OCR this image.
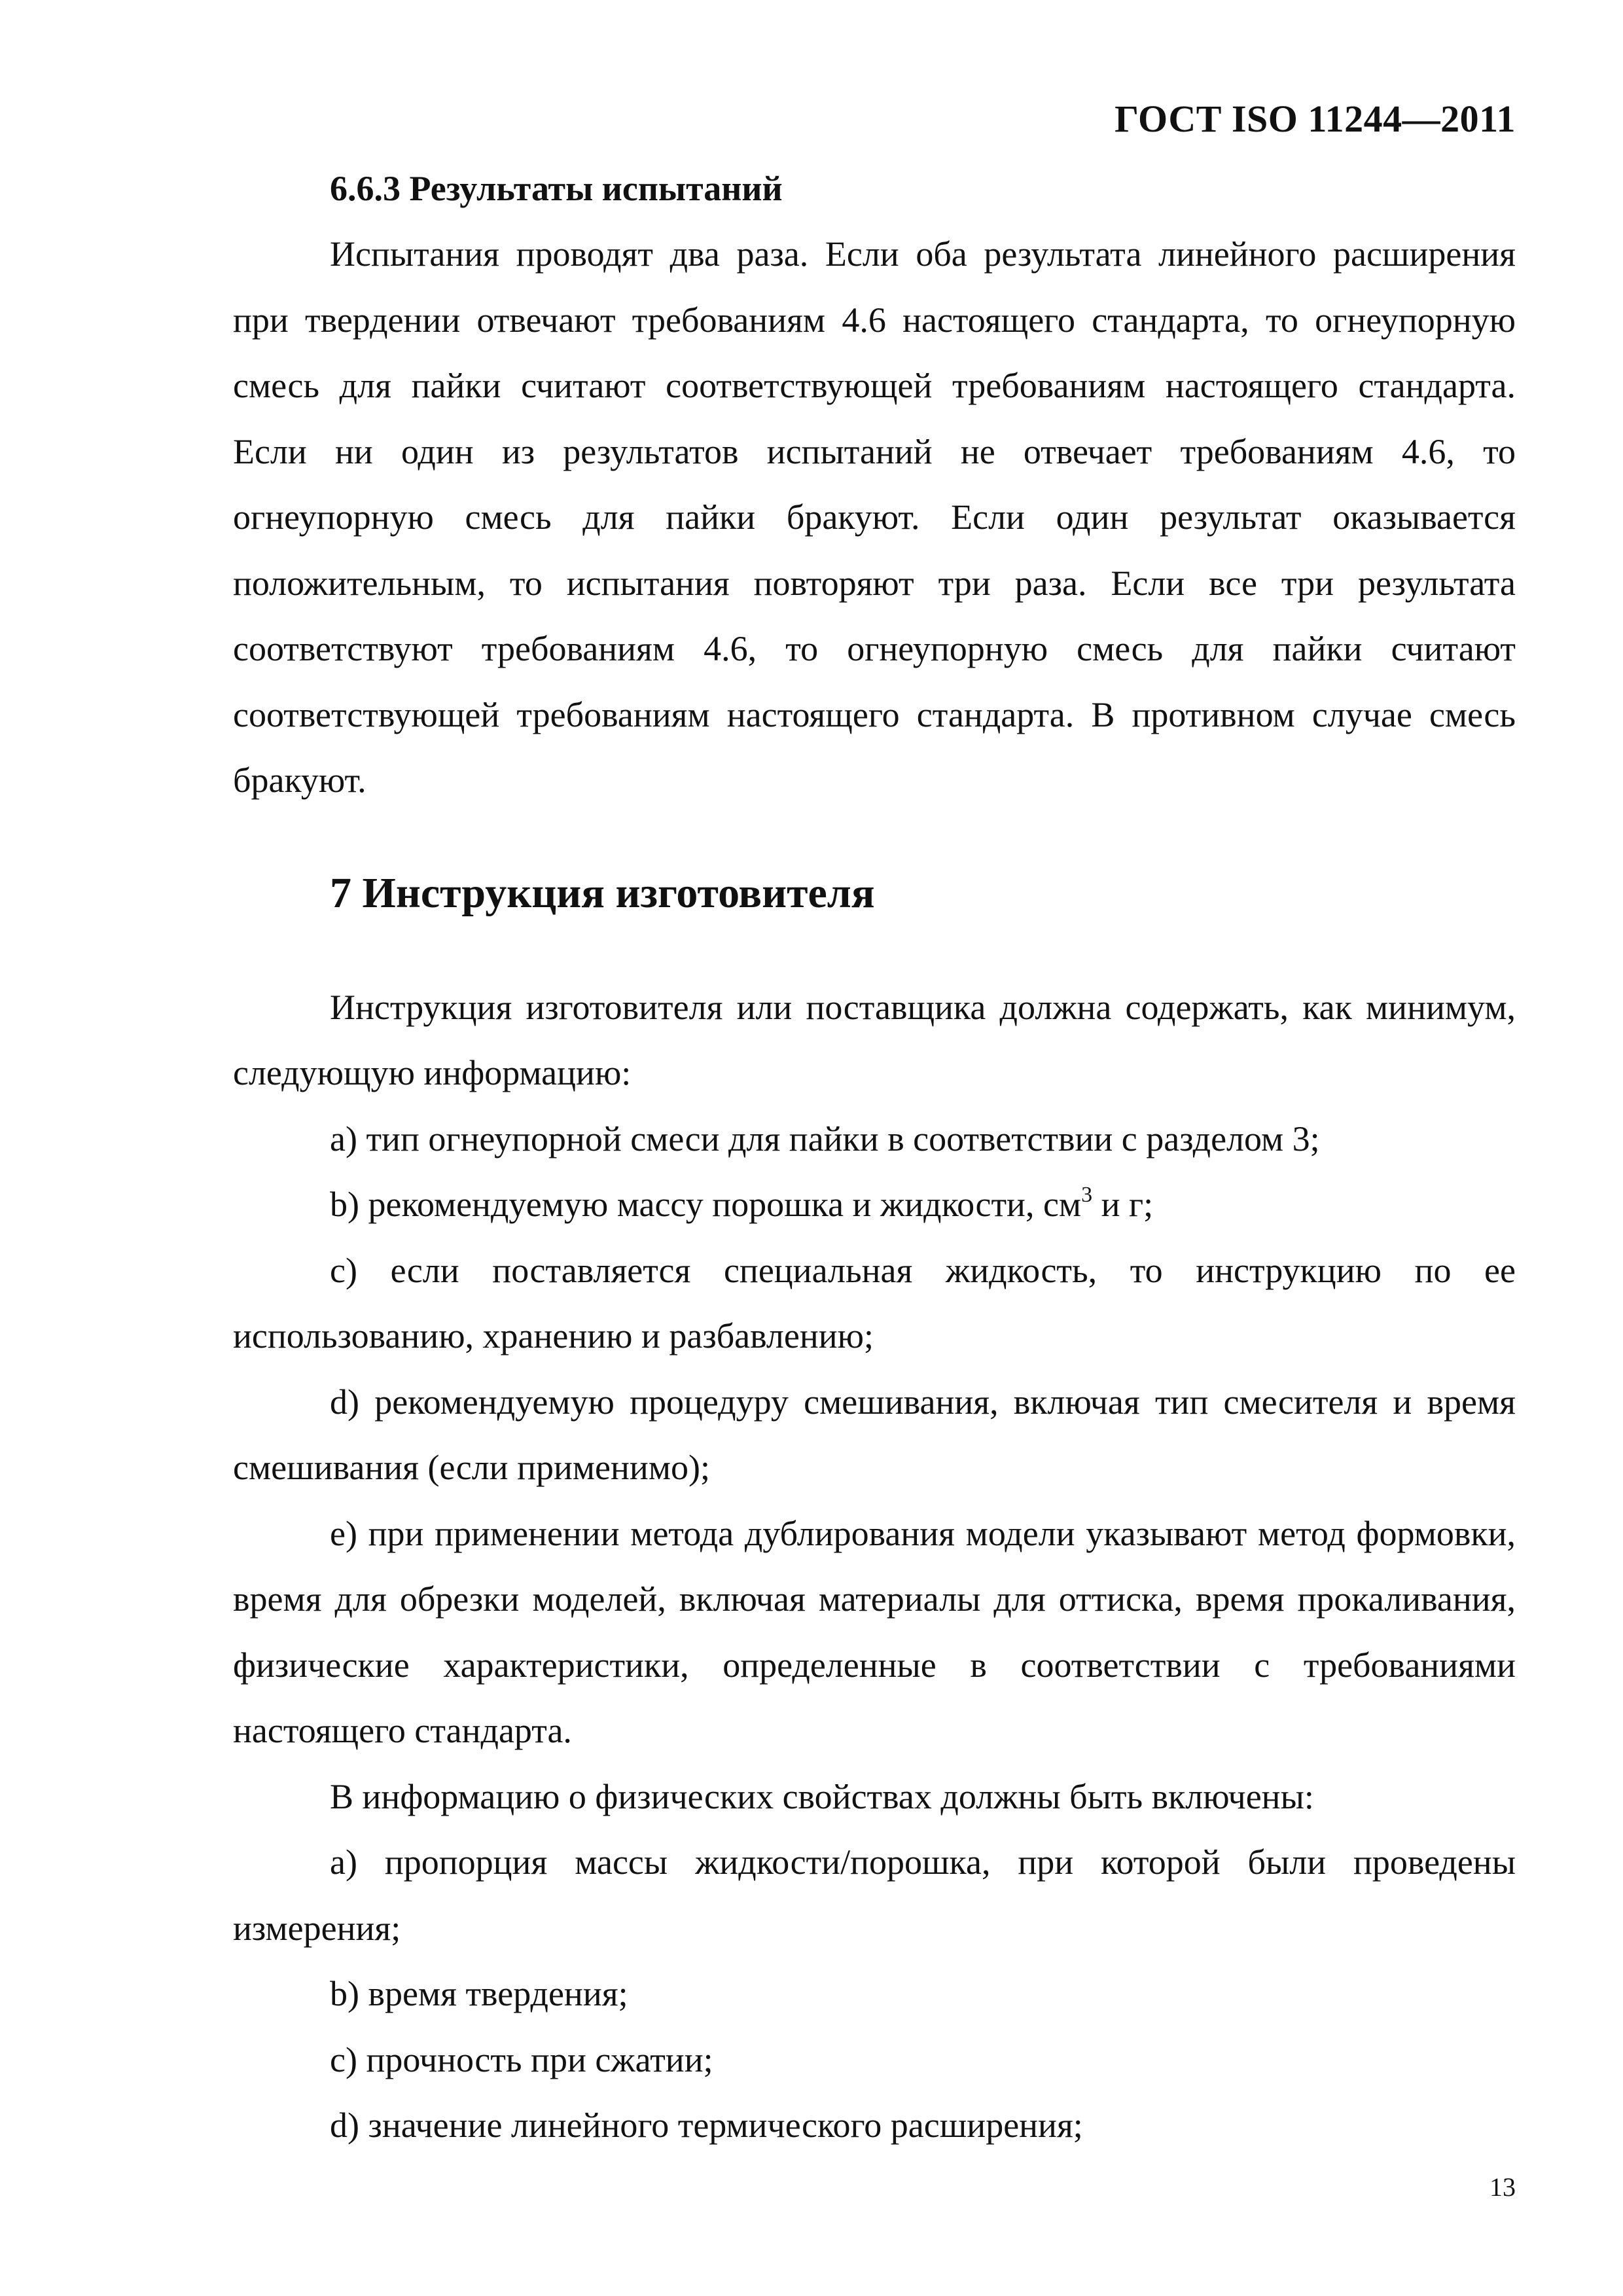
ГОСТ ISO 11244—2011

6.6.3 Результаты испытаний

Испытания проводят два раза. Если оба результата линейного расширения при твердении отвечают требованиям 4.6 настоящего стандарта, то огнеупорную смесь для пайки считают соответствующей требованиям настоящего стандарта. Если ни один из результатов испытаний не отвечает требованиям 4.6, то огнеупорную смесь для пайки бракуют. Если один результат оказывается положительным, то испытания повторяют три раза. Если все три результата соответствуют требованиям 4.6, то огнеупорную смесь для пайки считают соответствующей требованиям настоящего стандарта. В противном случае смесь бракуют.

7 Инструкция изготовителя

Инструкция изготовителя или поставщика должна содержать, как минимум, следующую информацию:

a) тип огнеупорной смеси для пайки в соответствии с разделом 3;

b) рекомендуемую массу порошка и жидкости, $см^3$ и г;

c) если поставляется специальная жидкость, то инструкцию по ее использованию, хранению и разбавлению;

d) рекомендуемую процедуру смешивания, включая тип смесителя и время смешивания (если применимо);

e) при применении метода дублирования модели указывают метод формовки, время для обрезки моделей, включая материалы для оттиска, время прокаливания, физические характеристики, определенные в соответствии с требованиями настоящего стандарта.

В информацию о физических свойствах должны быть включены:

a) пропорция массы жидкости/порошка, при которой были проведены измерения;

b) время твердения;

c) прочность при сжатии;

d) значение линейного термического расширения;

13
